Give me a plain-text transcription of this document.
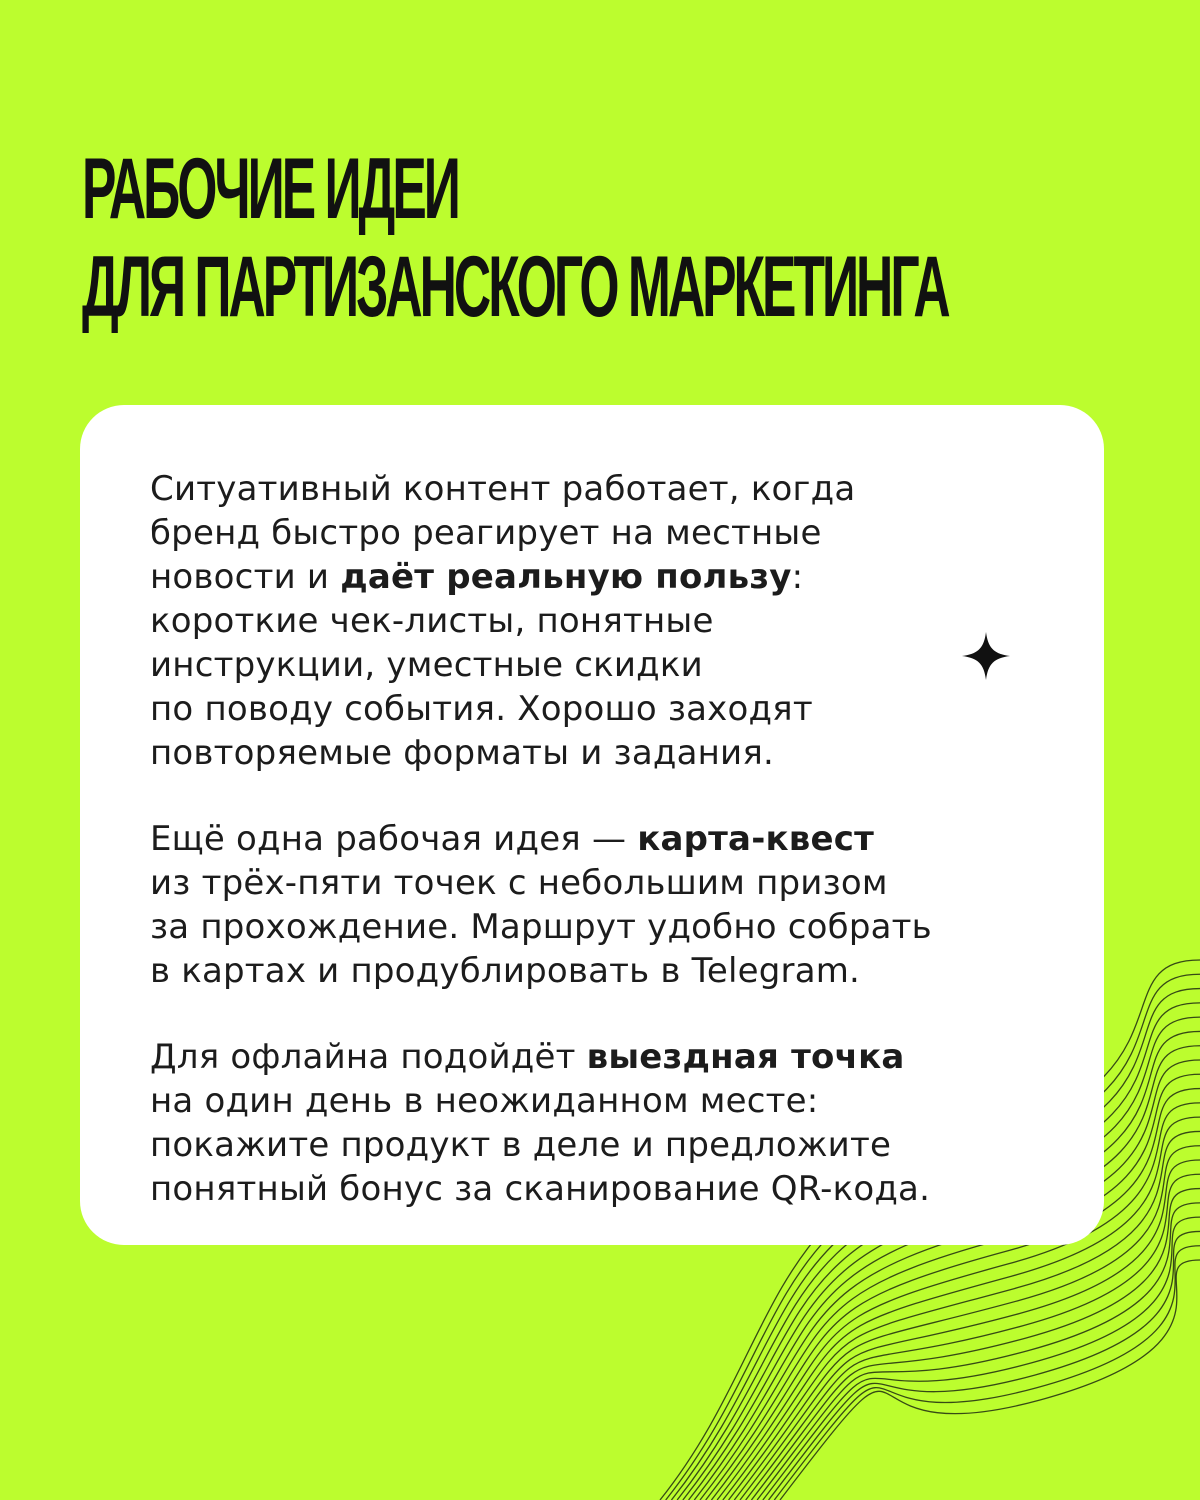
РАБОЧИЕ ИДЕИ
ДЛЯ ПАРТИЗАНСКОГО МАРКЕТИНГА

Ситуативный контент работает, когда
бренд быстро реагирует на местные
новости и даёт реальную пользу:
короткие чек-листы, понятные
инструкции, уместные скидки
по поводу события. Хорошо заходят
повторяемые форматы и задания.

Ещё одна рабочая идея — карта-квест
из трёх-пяти точек с небольшим призом
за прохождение. Маршрут удобно собрать
в картах и продублировать в Telegram.

Для офлайна подойдёт выездная точка
на один день в неожиданном месте:
покажите продукт в деле и предложите
понятный бонус за сканирование QR-кода.
